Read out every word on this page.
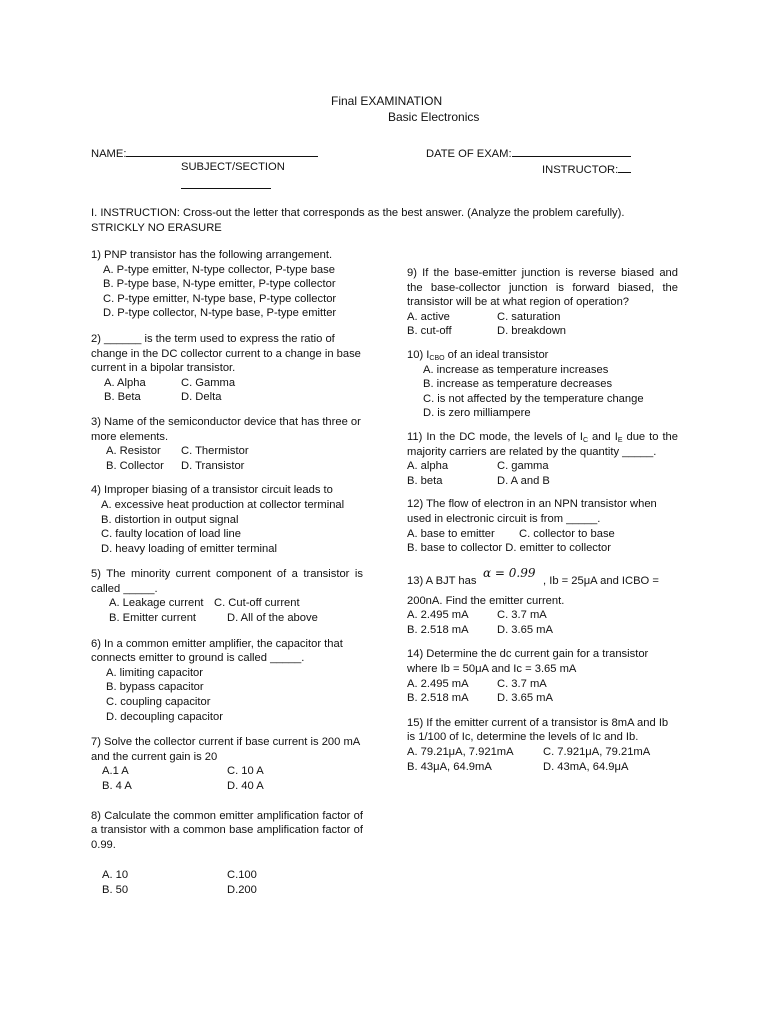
Final EXAMINATION
Basic Electronics
NAME:	DATE OF EXAM:
SUBJECT/SECTION	INSTRUCTOR:
I. INSTRUCTION: Cross-out the letter that corresponds as the best answer. (Analyze the problem carefully). STRICKLY NO ERASURE
1) PNP transistor has the following arrangement.
A. P-type emitter, N-type collector, P-type base
B. P-type base, N-type emitter, P-type collector
C. P-type emitter, N-type base, P-type collector
D. P-type collector, N-type base, P-type emitter
2) ______ is the term used to express the ratio of change in the DC collector current to a change in base current in a bipolar transistor.
A. Alpha	C. Gamma
B. Beta	D. Delta
3) Name of the semiconductor device that has three or more elements.
A. Resistor	C. Thermistor
B. Collector	D. Transistor
4) Improper biasing of a transistor circuit leads to
A. excessive heat production at collector terminal
B. distortion in output signal
C. faulty location of load line
D. heavy loading of emitter terminal
5) The minority current component of a transistor is called _____.
A. Leakage current C. Cut-off current
B. Emitter current	D. All of the above
6) In a common emitter amplifier, the capacitor that connects emitter to ground is called _____.
A. limiting capacitor
B. bypass capacitor
C. coupling capacitor
D. decoupling capacitor
7) Solve the collector current if base current is 200 mA and the current gain is 20
A.1 A	C. 10 A
B. 4 A	D. 40 A
8) Calculate the common emitter amplification factor of a transistor with a common base amplification factor of 0.99.
A. 10	C.100
B. 50	D.200
9) If the base-emitter junction is reverse biased and the base-collector junction is forward biased, the transistor will be at what region of operation?
A. active	C. saturation
B. cut-off	D. breakdown
10) $I_{CBO}$ of an ideal transistor
A. increase as temperature increases
B. increase as temperature decreases
C. is not affected by the temperature change
D. is zero milliampere
11) In the DC mode, the levels of $I_C$ and $I_E$ due to the majority carriers are related by the quantity _____.
A. alpha	C. gamma
B. beta	D. A and B
12) The flow of electron in an NPN transistor when used in electronic circuit is from _____.
A. base to emitter	C. collector to base
B. base to collector D. emitter to collector
13) A BJT has
α = 0.99
, Ib = 25μA and ICBO =
200nA. Find the emitter current.
A. 2.495 mA	C. 3.7 mA
B. 2.518 mA	D. 3.65 mA
14) Determine the dc current gain for a transistor where Ib = 50μA and Ic = 3.65 mA
A. 2.495 mA	C. 3.7 mA
B. 2.518 mA	D. 3.65 mA
15) If the emitter current of a transistor is 8mA and Ib is 1/100 of Ic, determine the levels of Ic and Ib.
A. 79.21μA, 7.921mA	C. 7.921μA, 79.21mA
B. 43μA, 64.9mA	D. 43mA, 64.9μA
